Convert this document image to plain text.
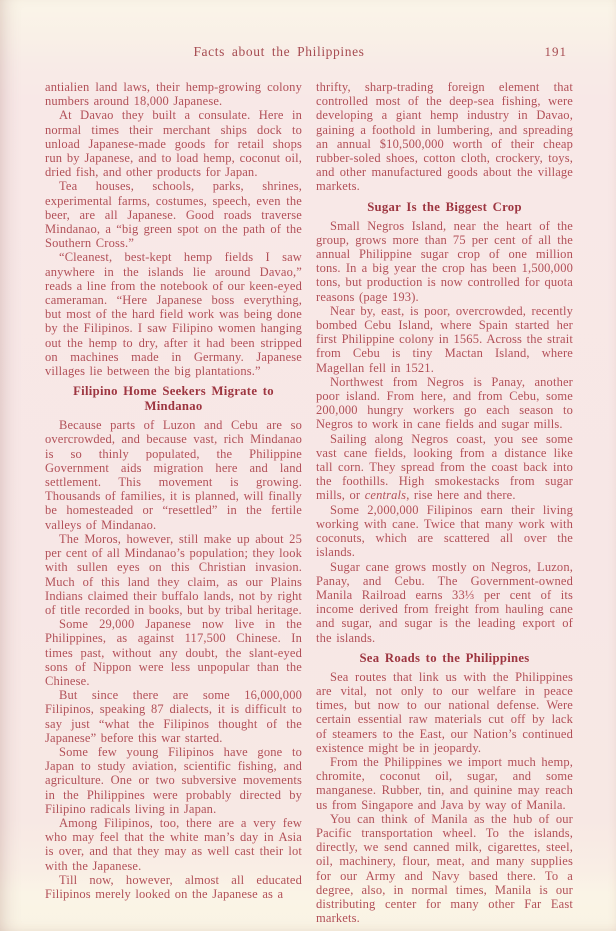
Facts about the Philippines	191

antialien land laws, their hemp-growing colony numbers around 18,000 Japanese.

At Davao they built a consulate. Here in normal times their merchant ships dock to unload Japanese-made goods for retail shops run by Japanese, and to load hemp, coconut oil, dried fish, and other products for Japan.

Tea houses, schools, parks, shrines, experimental farms, costumes, speech, even the beer, are all Japanese. Good roads traverse Mindanao, a “big green spot on the path of the Southern Cross.”

“Cleanest, best-kept hemp fields I saw anywhere in the islands lie around Davao,” reads a line from the notebook of our keen-eyed cameraman. “Here Japanese boss everything, but most of the hard field work was being done by the Filipinos. I saw Filipino women hanging out the hemp to dry, after it had been stripped on machines made in Germany. Japanese villages lie between the big plantations.”

Filipino Home Seekers Migrate to Mindanao

Because parts of Luzon and Cebu are so overcrowded, and because vast, rich Mindanao is so thinly populated, the Philippine Government aids migration here and land settlement. This movement is growing. Thousands of families, it is planned, will finally be homesteaded or “resettled” in the fertile valleys of Mindanao.

The Moros, however, still make up about 25 per cent of all Mindanao’s population; they look with sullen eyes on this Christian invasion. Much of this land they claim, as our Plains Indians claimed their buffalo lands, not by right of title recorded in books, but by tribal heritage.

Some 29,000 Japanese now live in the Philippines, as against 117,500 Chinese. In times past, without any doubt, the slant-eyed sons of Nippon were less unpopular than the Chinese.

But since there are some 16,000,000 Filipinos, speaking 87 dialects, it is difficult to say just “what the Filipinos thought of the Japanese” before this war started.

Some few young Filipinos have gone to Japan to study aviation, scientific fishing, and agriculture. One or two subversive movements in the Philippines were probably directed by Filipino radicals living in Japan.

Among Filipinos, too, there are a very few who may feel that the white man’s day in Asia is over, and that they may as well cast their lot with the Japanese.

Till now, however, almost all educated Filipinos merely looked on the Japanese as a

thrifty, sharp-trading foreign element that controlled most of the deep-sea fishing, were developing a giant hemp industry in Davao, gaining a foothold in lumbering, and spreading an annual $10,500,000 worth of their cheap rubber-soled shoes, cotton cloth, crockery, toys, and other manufactured goods about the village markets.

Sugar Is the Biggest Crop

Small Negros Island, near the heart of the group, grows more than 75 per cent of all the annual Philippine sugar crop of one million tons. In a big year the crop has been 1,500,000 tons, but production is now controlled for quota reasons (page 193).

Near by, east, is poor, overcrowded, recently bombed Cebu Island, where Spain started her first Philippine colony in 1565. Across the strait from Cebu is tiny Mactan Island, where Magellan fell in 1521.

Northwest from Negros is Panay, another poor island. From here, and from Cebu, some 200,000 hungry workers go each season to Negros to work in cane fields and sugar mills.

Sailing along Negros coast, you see some vast cane fields, looking from a distance like tall corn. They spread from the coast back into the foothills. High smokestacks from sugar mills, or centrals, rise here and there.

Some 2,000,000 Filipinos earn their living working with cane. Twice that many work with coconuts, which are scattered all over the islands.

Sugar cane grows mostly on Negros, Luzon, Panay, and Cebu. The Government-owned Manila Railroad earns 33⅓ per cent of its income derived from freight from hauling cane and sugar, and sugar is the leading export of the islands.

Sea Roads to the Philippines

Sea routes that link us with the Philippines are vital, not only to our welfare in peace times, but now to our national defense. Were certain essential raw materials cut off by lack of steamers to the East, our Nation’s continued existence might be in jeopardy.

From the Philippines we import much hemp, chromite, coconut oil, sugar, and some manganese. Rubber, tin, and quinine may reach us from Singapore and Java by way of Manila.

You can think of Manila as the hub of our Pacific transportation wheel. To the islands, directly, we send canned milk, cigarettes, steel, oil, machinery, flour, meat, and many supplies for our Army and Navy based there. To a degree, also, in normal times, Manila is our distributing center for many other Far East markets.
